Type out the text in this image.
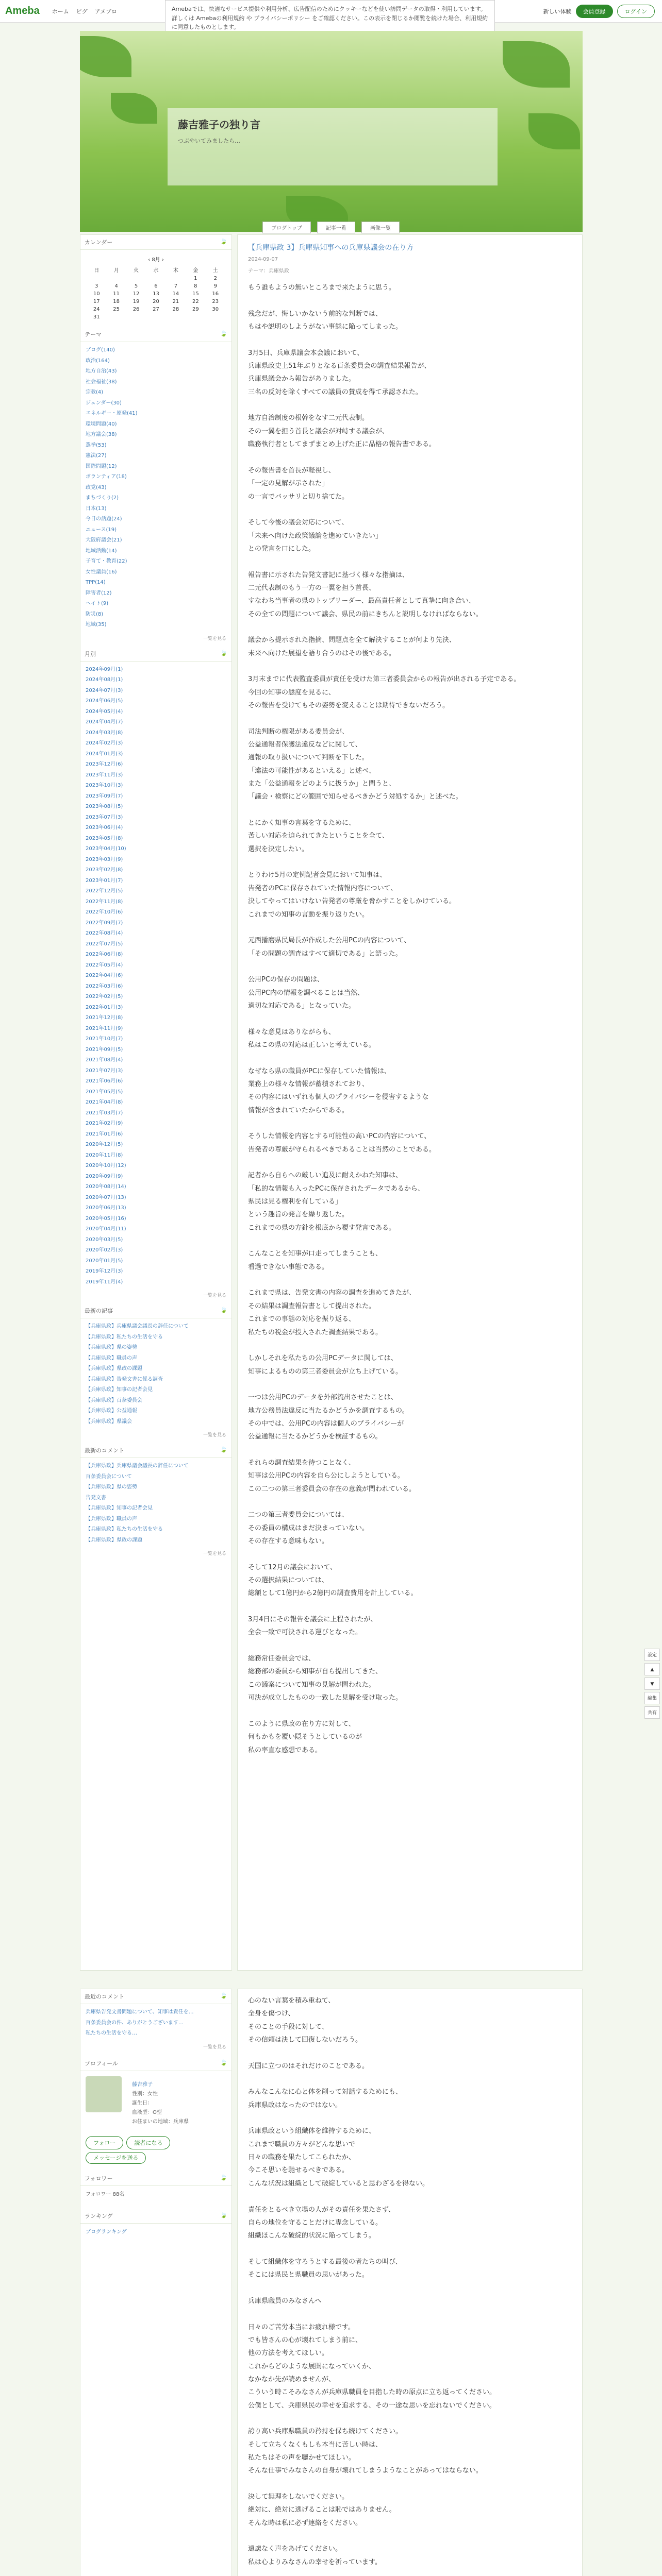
Ameba ホーム ピグ アメブロ	新しい体験	会員登録	ログイン
Amebaでは、快適なサービス提供や利用分析、広告配信のためにクッキーなどを使い訪問データの取得・利用しています。詳しくは Amebaの利用規約 や プライバシーポリシー をご確認ください。この表示を閉じるか閲覧を続けた場合、利用規約に同意したものとします。
藤吉雅子の独り言
つぶやいてみましたら…
ブログトップ	記事一覧	画像一覧
カレンダー	🍃
‹ 8月 ›
日	月	火	水	木	金	土
					1	2
3	4	5	6	7	8	9
10	11	12	13	14	15	16
17	18	19	20	21	22	23
24	25	26	27	28	29	30
31						
テーマ	🍃
ブログ(140)
政治(164)
地方自治(43)
社会福祉(38)
宗教(4)
ジェンダー(30)
エネルギー・原発(41)
環境問題(40)
地方議会(38)
選挙(53)
憲法(27)
国際問題(12)
ボランティア(18)
政党(43)
まちづくり(2)
日本(13)
今日の話題(24)
ニュース(19)
大阪府議会(21)
地域活動(14)
子育て・教育(22)
女性議員(16)
TPP(14)
障害者(12)
ヘイト(9)
防災(8)
地域(35)
一覧を見る
月別	🍃
2024年09月(1)
2024年08月(1)
2024年07月(3)
2024年06月(5)
2024年05月(4)
2024年04月(7)
2024年03月(8)
2024年02月(3)
2024年01月(3)
2023年12月(6)
2023年11月(3)
2023年10月(3)
2023年09月(7)
2023年08月(5)
2023年07月(3)
2023年06月(4)
2023年05月(8)
2023年04月(10)
2023年03月(9)
2023年02月(8)
2023年01月(7)
2022年12月(5)
2022年11月(8)
2022年10月(6)
2022年09月(7)
2022年08月(4)
2022年07月(5)
2022年06月(8)
2022年05月(4)
2022年04月(6)
2022年03月(6)
2022年02月(5)
2022年01月(3)
2021年12月(8)
2021年11月(9)
2021年10月(7)
2021年09月(5)
2021年08月(4)
2021年07月(3)
2021年06月(6)
2021年05月(5)
2021年04月(8)
2021年03月(7)
2021年02月(9)
2021年01月(6)
2020年12月(5)
2020年11月(8)
2020年10月(12)
2020年09月(9)
2020年08月(14)
2020年07月(13)
2020年06月(13)
2020年05月(16)
2020年04月(11)
2020年03月(5)
2020年02月(3)
2020年01月(5)
2019年12月(3)
2019年11月(4)
一覧を見る
最新の記事	🍃
【兵庫県政】兵庫県議会議長の辞任について
【兵庫県政】私たちの生活を守る
【兵庫県政】県の姿勢
【兵庫県政】職員の声
【兵庫県政】県政の課題
【兵庫県政】告発文書に係る調査
【兵庫県政】知事の記者会見
【兵庫県政】百条委員会
【兵庫県政】公益通報
【兵庫県政】県議会
一覧を見る
最新のコメント	🍃
【兵庫県政】兵庫県議会議長の辞任について
百条委員会について
【兵庫県政】県の姿勢
告発文書
【兵庫県政】知事の記者会見
【兵庫県政】職員の声
【兵庫県政】私たちの生活を守る
【兵庫県政】県政の課題
一覧を見る
【兵庫県政 3】兵庫県知事への兵庫県議会の在り方
2024-09-07
テーマ：兵庫県政
もう誰もようの無いところまで来たように思う。

残念だが、悔しいかないう前的な判断では、
もはや説明のしようがない事態に陥ってしまった。

3月5日、兵庫県議会本会議において、
兵庫県政史上51年ぶりとなる百条委員会の調査結果報告が、
兵庫県議会から報告がありました。
三名の反対を除くすべての議員の賛成を得て承認された。

地方自治制度の根幹をなす二元代表制。
その一翼を担う首長と議会が対峙する議会が、
職務執行者としてまずまとめ上げた正に品格の報告書である。

その報告書を首長が軽視し、
「一定の見解が示された」
の一言でバッサリと切り捨てた。

そして今後の議会対応について、
「未来へ向けた政策議論を進めていきたい」
との発言を口にした。

報告書に示された告発文書記に基づく様々な指摘は、
二元代表制のもう一方の一翼を担う首長、
すなわち当事者の県のトップリーダー、最高責任者として真摯に向き合い、
その全ての問題について議会、県民の前にきちんと説明しなければならない。

議会から提示された指摘、問題点を全て解決することが何より先決、
未来へ向けた展望を語り合うのはその後である。

3月末までに代表監査委員が責任を受けた第三者委員会からの報告が出される予定である。
今回の知事の態度を見るに、
その報告を受けてもその姿勢を変えることは期待できないだろう。

司法判断の権限がある委員会が、
公益通報者保護法違反などに関して、
通報の取り扱いについて判断を下した。
「違法の可能性があるといえる」と述べ、
また「公益通報をどのように扱うか」と問うと、
「議会・検察にどの範囲で知らせるべきかどう対処するか」と述べた。

とにかく知事の言葉を守るために、
苦しい対応を迫られてきたということを全て、
選択を決定したい。

とりわけ5月の定例記者会見において知事は、
告発者のPCに保存されていた情報内容について、
決してやってはいけない告発者の尊厳を脅かすことをしかけている。
これまでの知事の言動を振り返りたい。

元西播磨県民局長が作成した公用PCの内容について、
「その問題の調査はすべて適切である」と語った。

公用PCの保存の問題は、
公用PC内の情報を調べることは当然、
適切な対応である」となっていた。

様々な意見はありながらも、
私はこの県の対応は正しいと考えている。

なぜなら県の職員がPCに保存していた情報は、
業務上の様々な情報が蓄積されており、
その内容にはいずれも個人のプライバシーを侵害するような
情報が含まれていたからである。

そうした情報を内容とする可能性の高いPCの内容について、
告発者の尊厳が守られるべきであることは当然のことである。

記者から自らへの厳しい追及に耐えかねた知事は、
「私的な情報も入ったPCに保存されたデータであるから、
県民は見る権利を有している」
という趣旨の発言を繰り返した。
これまでの県の方針を根底から覆す発言である。

こんなことを知事が口走ってしまうことも、
看過できない事態である。

これまで県は、告発文書の内容の調査を進めてきたが、
その結果は調査報告書として提出された。
これまでの事態の対応を振り返る、
私たちの税金が投入された調査結果である。

しかしそれを私たちの公用PCデータに関しては、
知事によるものの第三者委員会が立ち上げている。

一つは公用PCのデータを外部流出させたことは、
地方公務員法違反に当たるかどうかを調査するもの。
その中では、公用PCの内容は個人のプライバシーが
公益通報に当たるかどうかを検証するもの。

それらの調査結果を待つことなく、
知事は公用PCの内容を自ら公にしようとしている。
この二つの第三者委員会の存在の意義が問われている。

二つの第三者委員会については、
その委員の構成はまだ決まっていない。
その存在する意味もない。

そして12月の議会において、
その選択結果については、
総額として1億円から2億円の調査費用を計上している。

3月4日にその報告を議会に上程されたが、
全会一致で可決される運びとなった。

総務常任委員会では、
総務部の委員から知事が自ら提出してきた、
この議案について知事の見解が問われた。
可決が成立したものの一致した見解を受け取った。

このように県政の在り方に対して、
何もかもを覆い隠そうとしているのが
私の率直な感想である。
最近のコメント	🍃
兵庫県告発文書問題について、知事は責任を…
百条委員会の件、ありがとうございます…
私たちの生活を守る…
一覧を見る
プロフィール	🍃
藤吉雅子
性別：女性
誕生日：
血液型：O型
お住まいの地域：兵庫県
フォロー	読者になる
メッセージを送る
フォロワー	🍃
フォロワー 88名
ランキング	🍃
ブログランキング
心のない言葉を積み重ねて、
全身を傷つけ、
そのことの手段に対して、
その信頼は決して回復しないだろう。

天国に立つのはそれだけのことである。

みんなこんなに心と体を削って対話するためにも、
兵庫県政はなったのではない。

兵庫県政という組織体を維持するために、
これまで職員の方々がどんな思いで
日々の職務を果たしてこられたか、
今こそ思いを馳せるべきである。
こんな状況は組織として破綻していると思わざるを得ない。

責任をとるべき立場の人がその責任を果たさず、
自らの地位を守ることだけに専念している。
組織ほこんな破綻的状況に陥ってしまう。

そして組織体を守ろうとする最後の者たちの叫び、
そこには県民と県職員の思いがあった。

兵庫県職員のみなさんへ

日々のご苦労本当にお疲れ様です。
でも皆さんの心が壊れてしまう前に、
他の方法を考えてほしい。
これからどのような展開になっていくか、
なかなか先が読めませんが、
こういう時こそみなさんが兵庫県職員を目指した時の原点に立ち返ってください。
公僕として、兵庫県民の幸せを追求する、その一途な思いを忘れないでください。

誇り高い兵庫県職員の矜持を保ち続けてください。
そして立ちくなくもしも本当に苦しい時は、
私たちはその声を聴かせてほしい。
そんな仕事でみなさんの自身が壊れてしまうようなことがあってはならない。

決して無理をしないでください。
絶対に、絶対に逃げることは恥ではありません。
そんな時は私に必ず連絡をください。

遠慮なく声をあげてください。
私は心よりみなさんの幸せを祈っています。

設定
▲
▼
編集
共有
